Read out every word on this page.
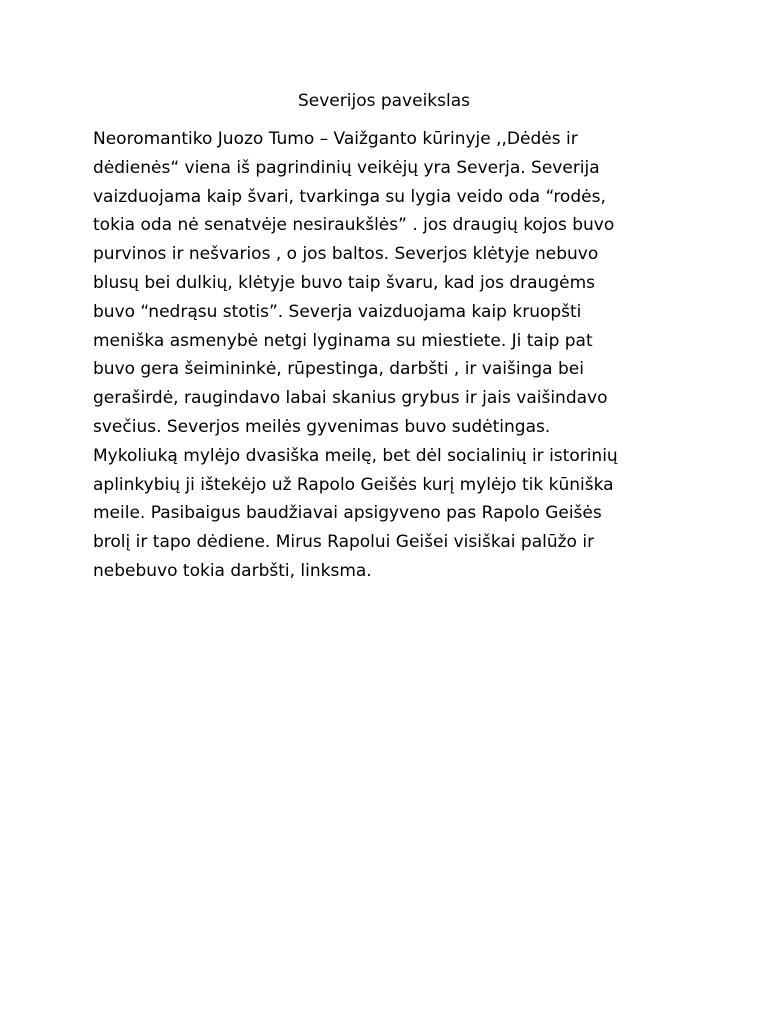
Severijos paveikslas
Neoromantiko Juozo Tumo – Vaižganto kūrinyje ,,Dėdės ir
dėdienės“ viena iš pagrindinių veikėjų yra Severja. Severija
vaizduojama kaip švari, tvarkinga su lygia veido oda “rodės,
tokia oda nė senatvėje nesiraukšlės” . jos draugių kojos buvo
purvinos ir nešvarios , o jos baltos. Severjos klėtyje nebuvo
blusų bei dulkių, klėtyje buvo taip švaru, kad jos draugėms
buvo “nedrąsu stotis”. Severja vaizduojama kaip kruopšti
meniška asmenybė netgi lyginama su miestiete. Ji taip pat
buvo gera šeimininkė, rūpestinga, darbšti , ir vaišinga bei
geraširdė, raugindavo labai skanius grybus ir jais vaišindavo
svečius. Severjos meilės gyvenimas buvo sudėtingas.
Mykoliuką mylėjo dvasiška meilę, bet dėl socialinių ir istorinių
aplinkybių ji ištekėjo už Rapolo Geišės kurį mylėjo tik kūniška
meile. Pasibaigus baudžiavai apsigyveno pas Rapolo Geišės
brolį ir tapo dėdiene. Mirus Rapolui Geišei visiškai palūžo ir
nebebuvo tokia darbšti, linksma.
